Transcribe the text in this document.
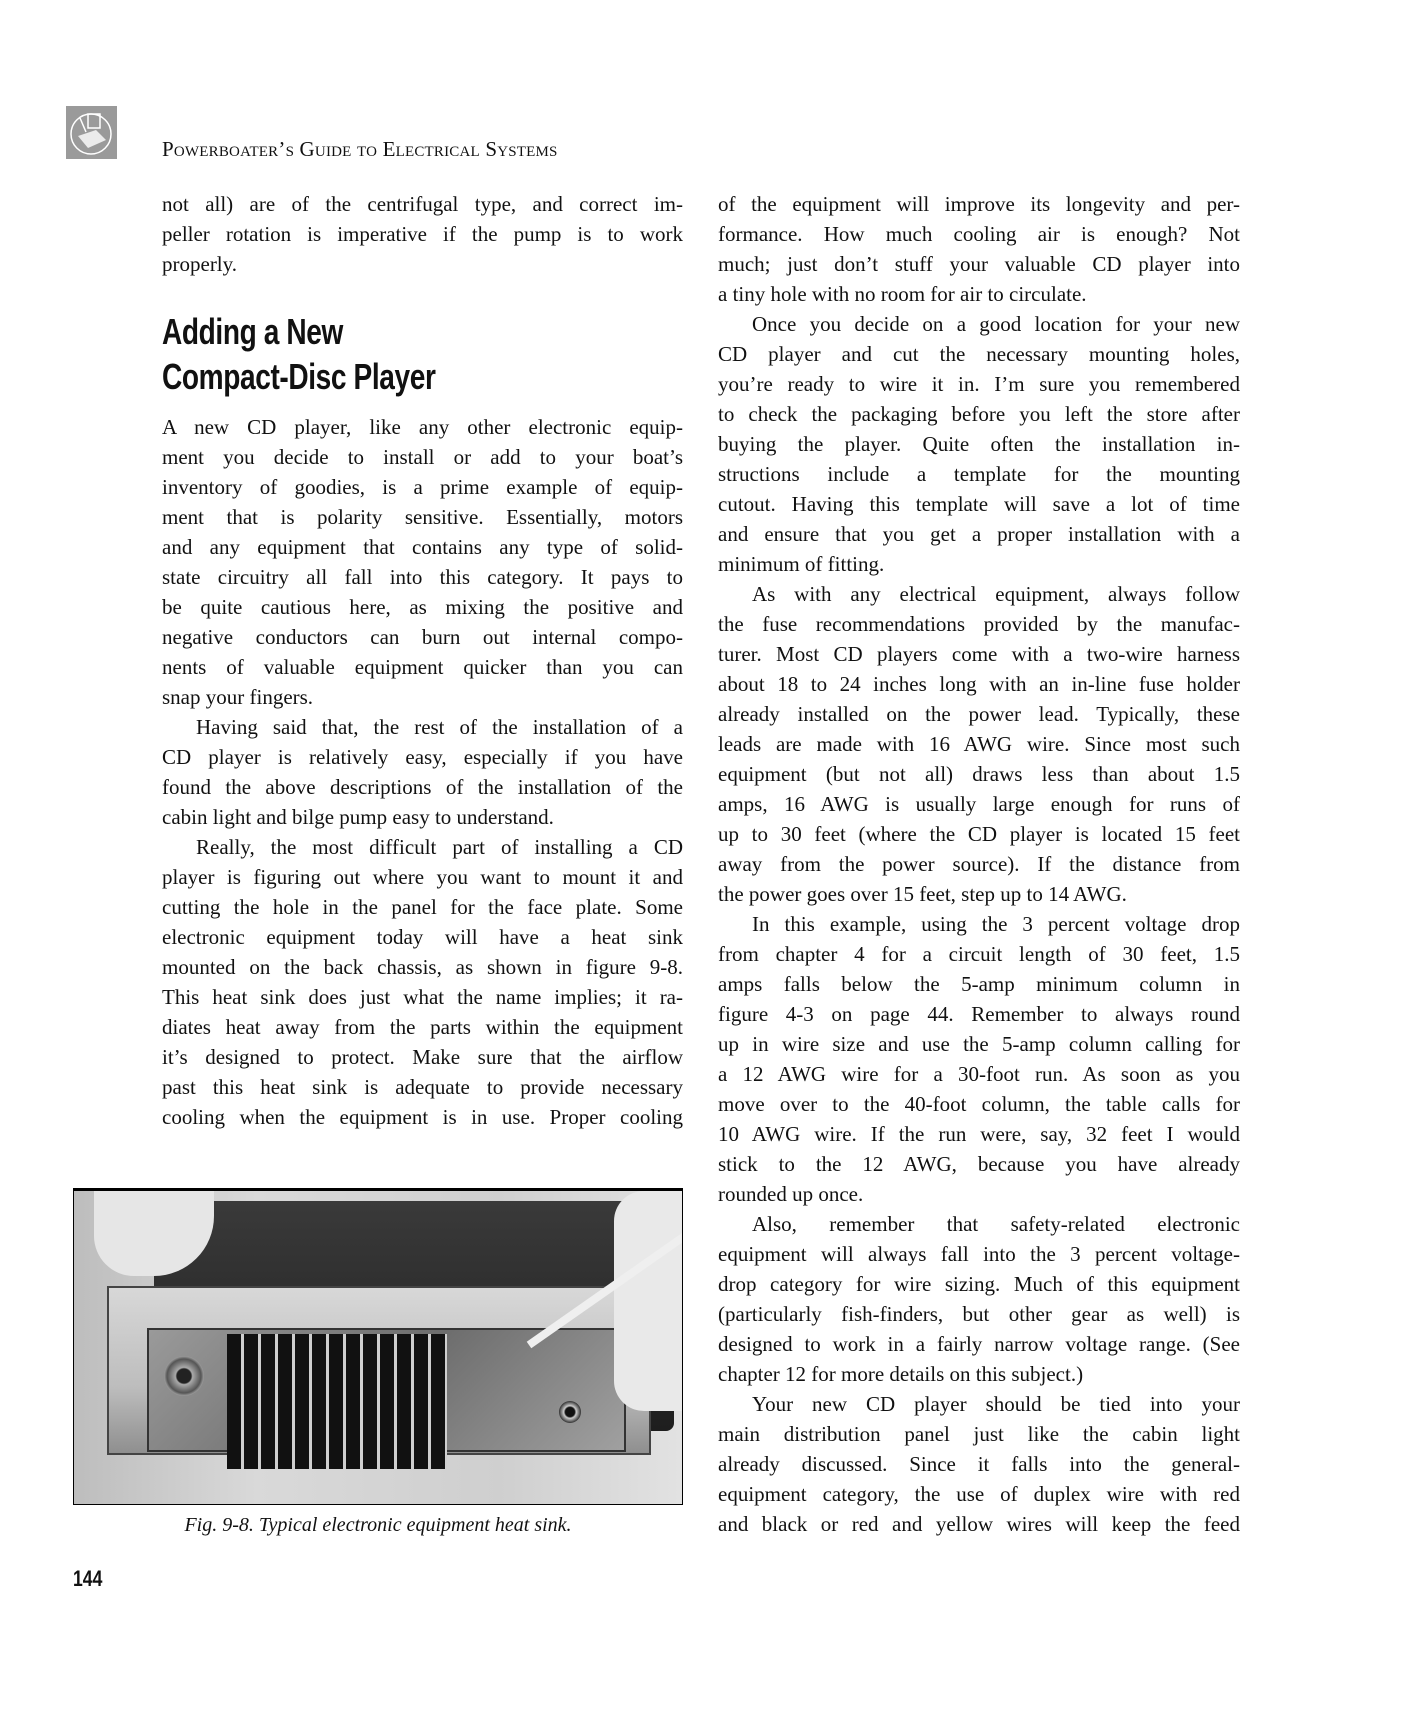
Powerboater’s Guide to Electrical Systems
not all) are of the centrifugal type, and correct im-
peller rotation is imperative if the pump is to work
properly.
Adding a New
Compact-Disc Player
A new CD player, like any other electronic equip-
ment you decide to install or add to your boat’s
inventory of goodies, is a prime example of equip-
ment that is polarity sensitive. Essentially, motors
and any equipment that contains any type of solid-
state circuitry all fall into this category. It pays to
be quite cautious here, as mixing the positive and
negative conductors can burn out internal compo-
nents of valuable equipment quicker than you can
snap your fingers.
Having said that, the rest of the installation of a
CD player is relatively easy, especially if you have
found the above descriptions of the installation of the
cabin light and bilge pump easy to understand.
Really, the most difficult part of installing a CD
player is figuring out where you want to mount it and
cutting the hole in the panel for the face plate. Some
electronic equipment today will have a heat sink
mounted on the back chassis, as shown in figure 9-8.
This heat sink does just what the name implies; it ra-
diates heat away from the parts within the equipment
it’s designed to protect. Make sure that the airflow
past this heat sink is adequate to provide necessary
cooling when the equipment is in use. Proper cooling
of the equipment will improve its longevity and per-
formance. How much cooling air is enough? Not
much; just don’t stuff your valuable CD player into
a tiny hole with no room for air to circulate.
Once you decide on a good location for your new
CD player and cut the necessary mounting holes,
you’re ready to wire it in. I’m sure you remembered
to check the packaging before you left the store after
buying the player. Quite often the installation in-
structions include a template for the mounting
cutout. Having this template will save a lot of time
and ensure that you get a proper installation with a
minimum of fitting.
As with any electrical equipment, always follow
the fuse recommendations provided by the manufac-
turer. Most CD players come with a two-wire harness
about 18 to 24 inches long with an in-line fuse holder
already installed on the power lead. Typically, these
leads are made with 16 AWG wire. Since most such
equipment (but not all) draws less than about 1.5
amps, 16 AWG is usually large enough for runs of
up to 30 feet (where the CD player is located 15 feet
away from the power source). If the distance from
the power goes over 15 feet, step up to 14 AWG.
In this example, using the 3 percent voltage drop
from chapter 4 for a circuit length of 30 feet, 1.5
amps falls below the 5-amp minimum column in
figure 4-3 on page 44. Remember to always round
up in wire size and use the 5-amp column calling for
a 12 AWG wire for a 30-foot run. As soon as you
move over to the 40-foot column, the table calls for
10 AWG wire. If the run were, say, 32 feet I would
stick to the 12 AWG, because you have already
rounded up once.
Also, remember that safety-related electronic
equipment will always fall into the 3 percent voltage-
drop category for wire sizing. Much of this equipment
(particularly fish-finders, but other gear as well) is
designed to work in a fairly narrow voltage range. (See
chapter 12 for more details on this subject.)
Your new CD player should be tied into your
main distribution panel just like the cabin light
already discussed. Since it falls into the general-
equipment category, the use of duplex wire with red
and black or red and yellow wires will keep the feed
Fig. 9-8. Typical electronic equipment heat sink.
144
